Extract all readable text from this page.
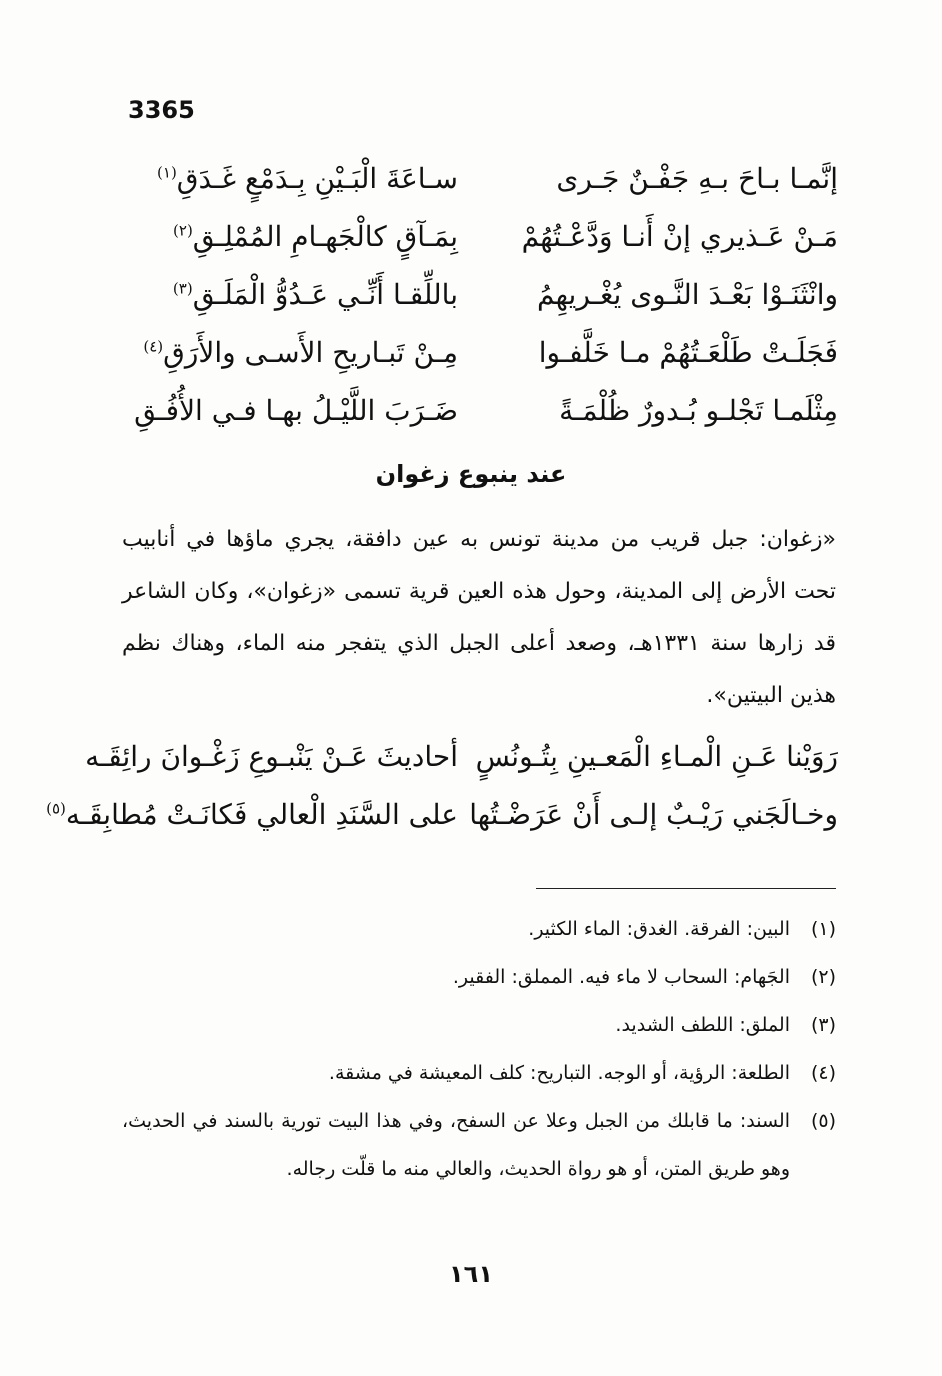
3365
إنَّمـا بـاحَ بـهِ جَفْـنٌ جَـرى
سـاعَةَ الْبَـيْنِ بِـدَمْعٍ غَـدَقِ$^{(١)}$
مَـنْ عَـذيري إنْ أَنـا وَدَّعْـتُهُمْ
بِمَـآقٍ كالْجَهـامِ المُمْلِـقِ$^{(٢)}$
وانْثَنَـوْا بَعْـدَ النَّـوى يُغْـريهِمُ
باللِّقـا أَنِّـي عَـدُوُّ الْمَلَـقِ$^{(٣)}$
فَجَلَـتْ طَلْعَـتُهُمْ مـا خَلَّفـوا
مِـنْ تَبـاريحِ الأَسـى والأَرَقِ$^{(٤)}$
مِثْلَمـا تَجْلـو بُـدورٌ ظُلْمَـةً
ضَـرَبَ اللَّيْـلُ بهـا فـي الأُفُـقِ
عند ينبوع زغوان
«زغوان: جبل قريب من مدينة تونس به عين دافقة، يجري ماؤها في أنابيب تحت الأرض إلى المدينة، وحول هذه العين قرية تسمى «زغوان»، وكان الشاعر قد زارها سنة ١٣٣١هـ، وصعد أعلى الجبل الذي يتفجر منه الماء، وهناك نظم هذين البيتين».
رَوَيْنا عَـنِ الْمـاءِ الْمَعـينِ بِتُـونُسٍ
أحاديثَ عَـنْ يَنْبـوعِ زَغْـوانَ رائِقَـه
وخـالَجَني رَيْـبٌ إلـى أَنْ عَرَضْـتُها
على السَّنَدِ الْعالي فَكانَـتْ مُطابِقَـه$^{(٥)}$

(١)
البين: الفرقة. الغدق: الماء الكثير.

(٢)
الجَهام: السحاب لا ماء فيه. المملق: الفقير.

(٣)
الملق: اللطف الشديد.

(٤)
الطلعة: الرؤية، أو الوجه. التباريح: كلف المعيشة في مشقة.

(٥)
السند: ما قابلك من الجبل وعلا عن السفح، وفي هذا البيت تورية بالسند في الحديث، وهو طريق المتن، أو هو رواة الحديث، والعالي منه ما قلّت رجاله.

١٦١
